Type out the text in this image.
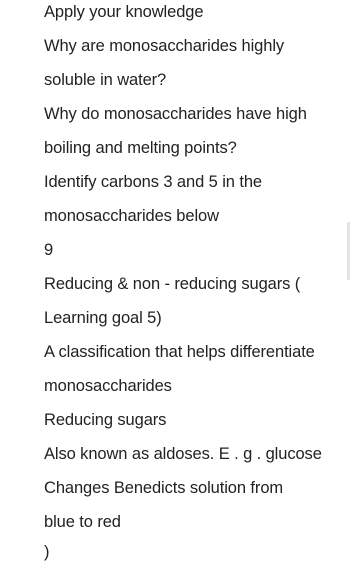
Apply your knowledge

Why are monosaccharides highly

soluble in water?

Why do monosaccharides have high

boiling and melting points?

Identify carbons 3 and 5 in the

monosaccharides below

9

Reducing & non - reducing sugars (

Learning goal 5)

A classification that helps differentiate

monosaccharides

Reducing sugars

Also known as aldoses. E . g . glucose

Changes Benedicts solution from

blue to red

)
